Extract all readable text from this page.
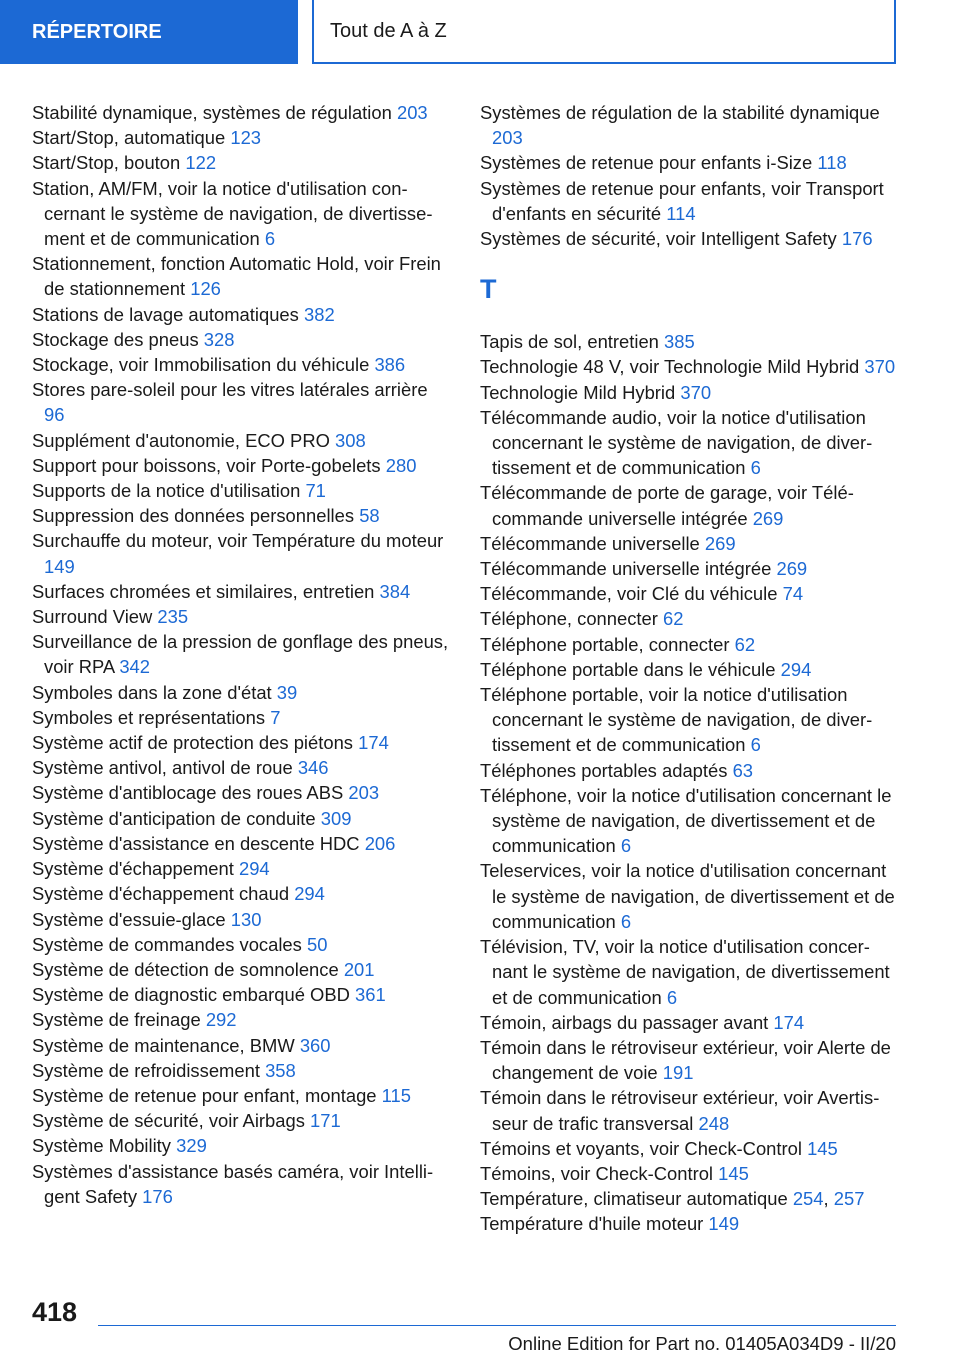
RÉPERTOIRE	Tout de A à Z
Stabilité dynamique, systèmes de régulation 203
Start/Stop, automatique 123
Start/Stop, bouton 122
Station, AM/FM, voir la notice d'utilisation concernant le système de navigation, de divertissement et de communication 6
Stationnement, fonction Automatic Hold, voir Frein de stationnement 126
Stations de lavage automatiques 382
Stockage des pneus 328
Stockage, voir Immobilisation du véhicule 386
Stores pare-soleil pour les vitres latérales arrière 96
Supplément d'autonomie, ECO PRO 308
Support pour boissons, voir Porte-gobelets 280
Supports de la notice d'utilisation 71
Suppression des données personnelles 58
Surchauffe du moteur, voir Température du moteur 149
Surfaces chromées et similaires, entretien 384
Surround View 235
Surveillance de la pression de gonflage des pneus, voir RPA 342
Symboles dans la zone d'état 39
Symboles et représentations 7
Système actif de protection des piétons 174
Système antivol, antivol de roue 346
Système d'antiblocage des roues ABS 203
Système d'anticipation de conduite 309
Système d'assistance en descente HDC 206
Système d'échappement 294
Système d'échappement chaud 294
Système d'essuie-glace 130
Système de commandes vocales 50
Système de détection de somnolence 201
Système de diagnostic embarqué OBD 361
Système de freinage 292
Système de maintenance, BMW 360
Système de refroidissement 358
Système de retenue pour enfant, montage 115
Système de sécurité, voir Airbags 171
Système Mobility 329
Systèmes d'assistance basés caméra, voir Intelligent Safety 176
Systèmes de régulation de la stabilité dynamique 203
Systèmes de retenue pour enfants i-Size 118
Systèmes de retenue pour enfants, voir Transport d'enfants en sécurité 114
Systèmes de sécurité, voir Intelligent Safety 176
T
Tapis de sol, entretien 385
Technologie 48 V, voir Technologie Mild Hybrid 370
Technologie Mild Hybrid 370
Télécommande audio, voir la notice d'utilisation concernant le système de navigation, de divertissement et de communication 6
Télécommande de porte de garage, voir Télécommande universelle intégrée 269
Télécommande universelle 269
Télécommande universelle intégrée 269
Télécommande, voir Clé du véhicule 74
Téléphone, connecter 62
Téléphone portable, connecter 62
Téléphone portable dans le véhicule 294
Téléphone portable, voir la notice d'utilisation concernant le système de navigation, de divertissement et de communication 6
Téléphones portables adaptés 63
Téléphone, voir la notice d'utilisation concernant le système de navigation, de divertissement et de communication 6
Teleservices, voir la notice d'utilisation concernant le système de navigation, de divertissement et de communication 6
Télévision, TV, voir la notice d'utilisation concernant le système de navigation, de divertissement et de communication 6
Témoin, airbags du passager avant 174
Témoin dans le rétroviseur extérieur, voir Alerte de changement de voie 191
Témoin dans le rétroviseur extérieur, voir Avertisseur de trafic transversal 248
Témoins et voyants, voir Check-Control 145
Témoins, voir Check-Control 145
Température, climatiseur automatique 254, 257
Température d'huile moteur 149
418
Online Edition for Part no. 01405A034D9 - II/20
